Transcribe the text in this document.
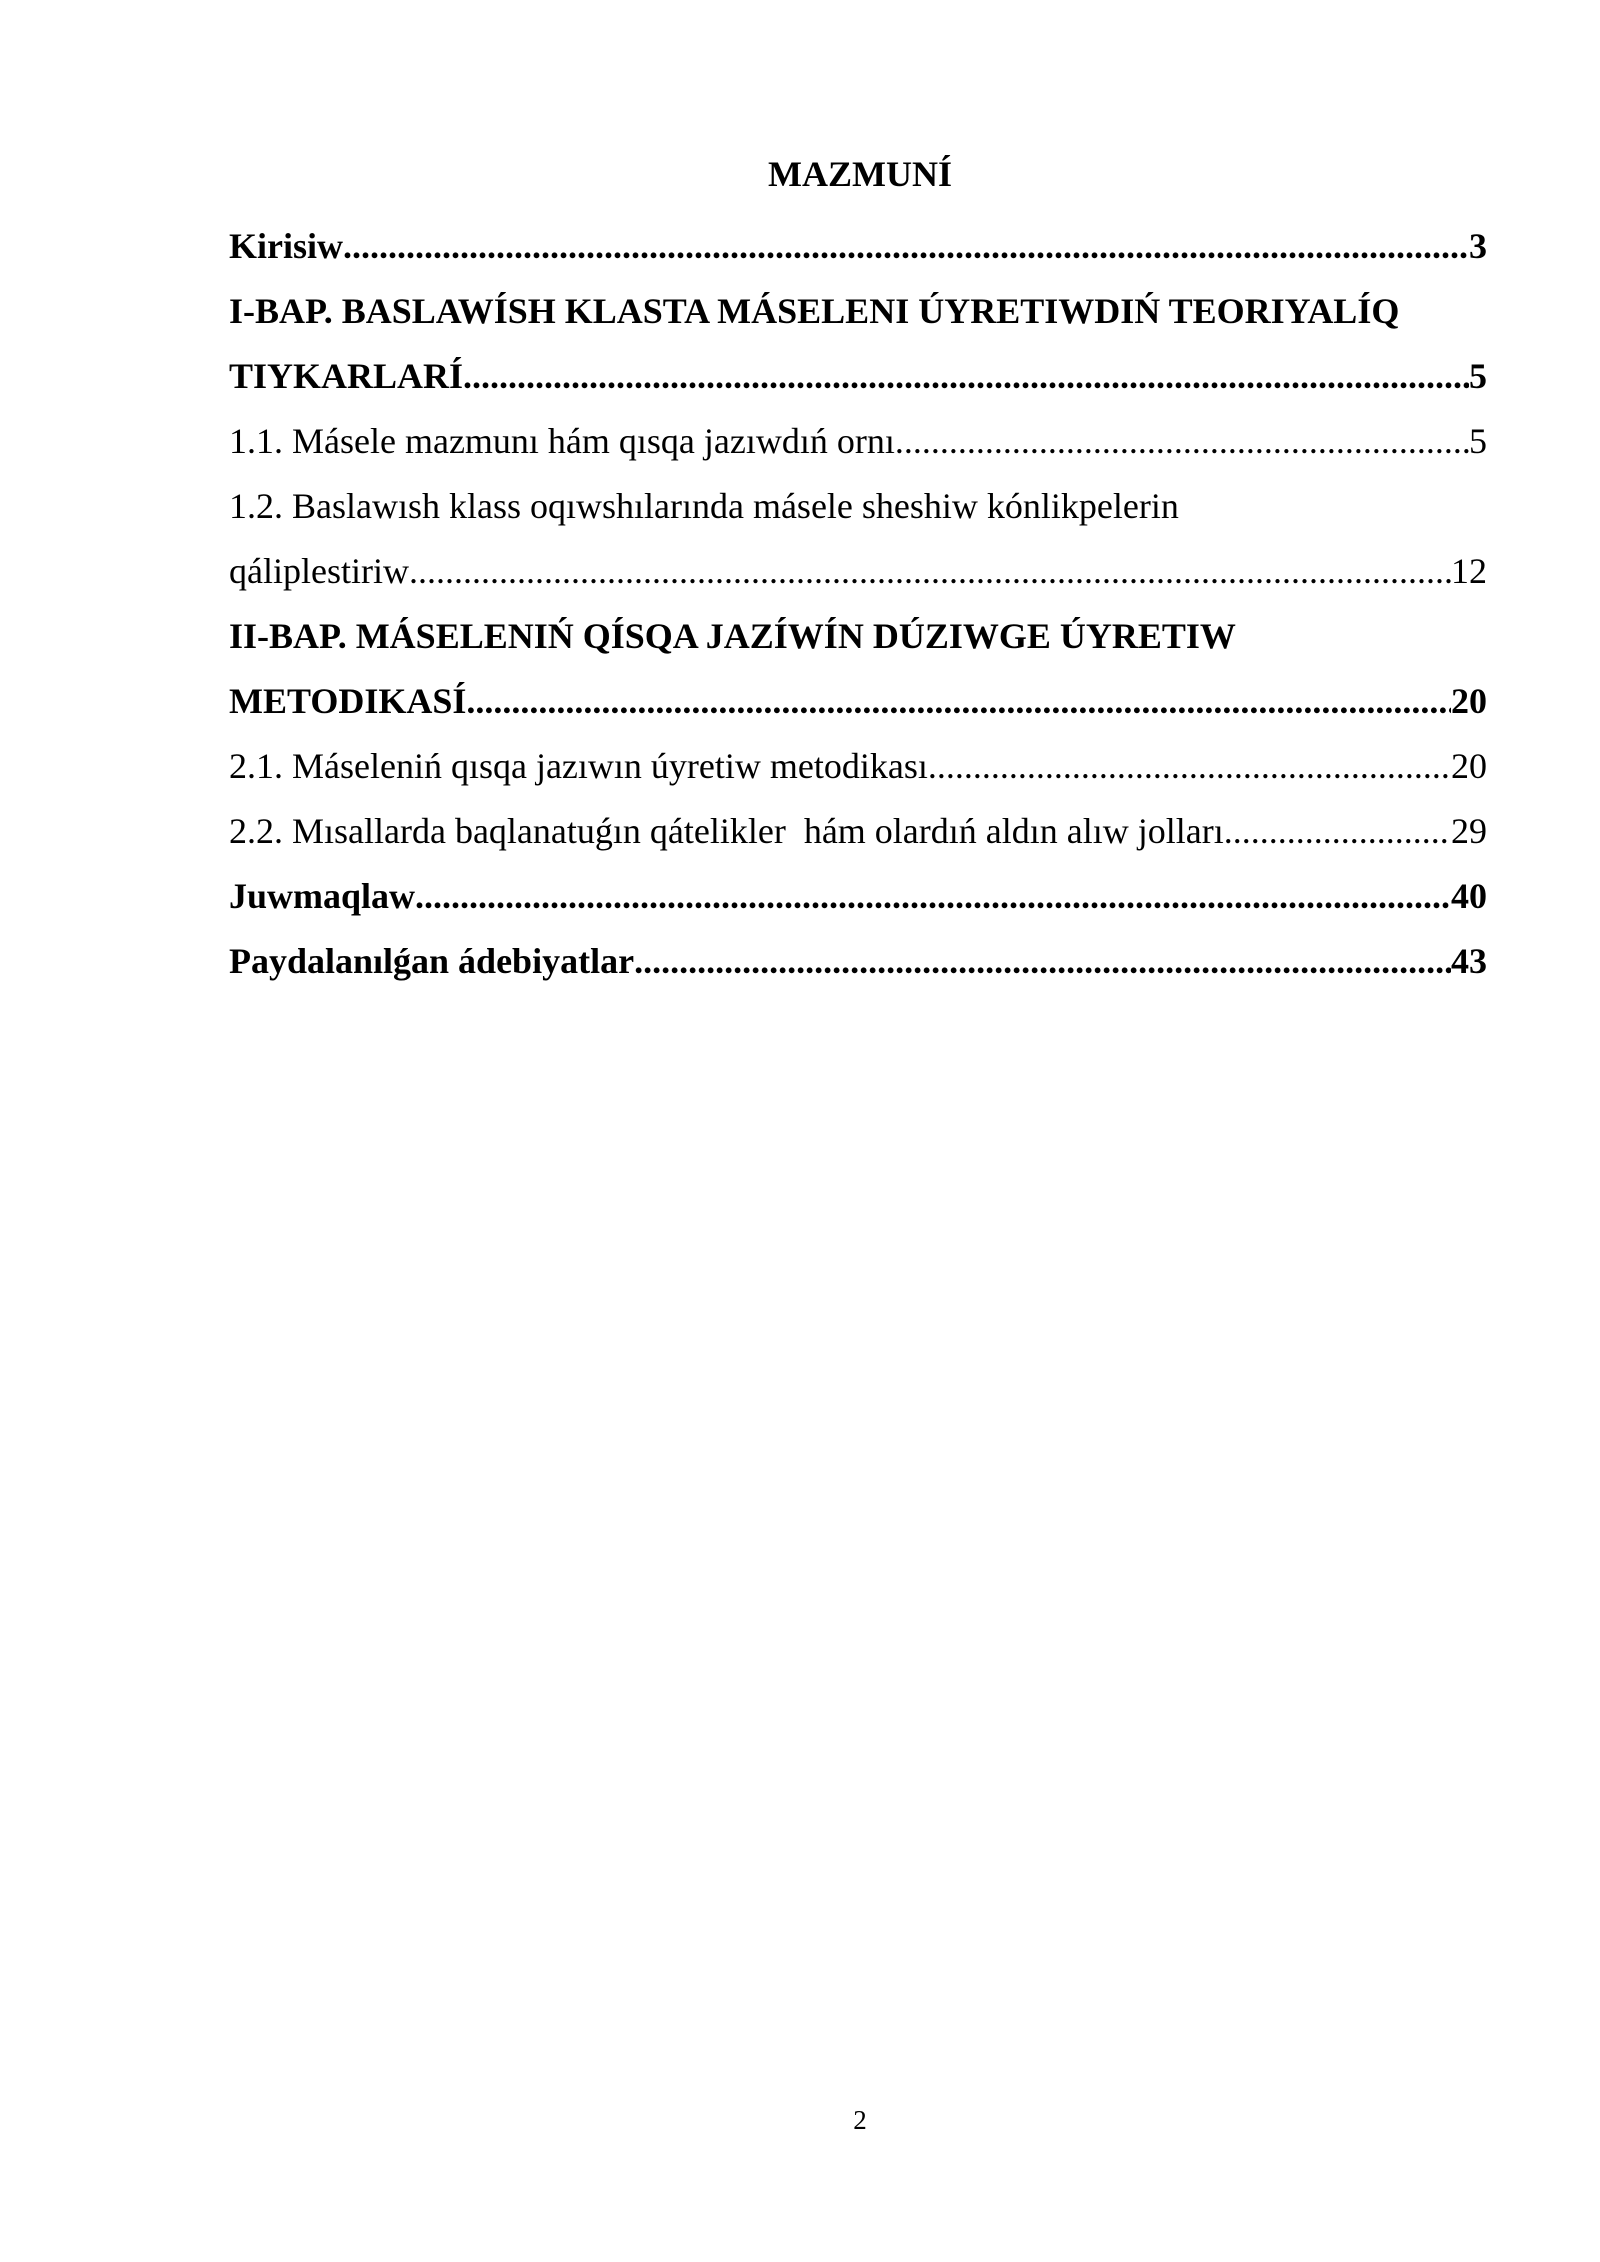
MAZMUNÍ
Kirisiw .....	3
I-BAP. BASLAWÍSH KLASTA MÁSELENI ÚYRETIWDIŃ TEORIYALÍQ
TIYKARLARÍ .....	5
1.1. Másele mazmunı hám qısqa jazıwdıń ornı .....	5
1.2. Baslawısh klass oqıwshılarında másele sheshiw kónlikpelerin
qáliplestiriw .....	12
II-BAP. MÁSELENIŃ QÍSQA JAZÍWÍN DÚZIWGE ÚYRETIW
METODIKASÍ .....	20
2.1. Máseleniń qısqa jazıwın úyretiw metodikası .....	20
2.2. Mısallarda baqlanatuǵın qátelikler  hám olardıń aldın alıw jolları .....	29
Juwmaqlaw .....	40
Paydalanılǵan ádebiyatlar .....	43
2
